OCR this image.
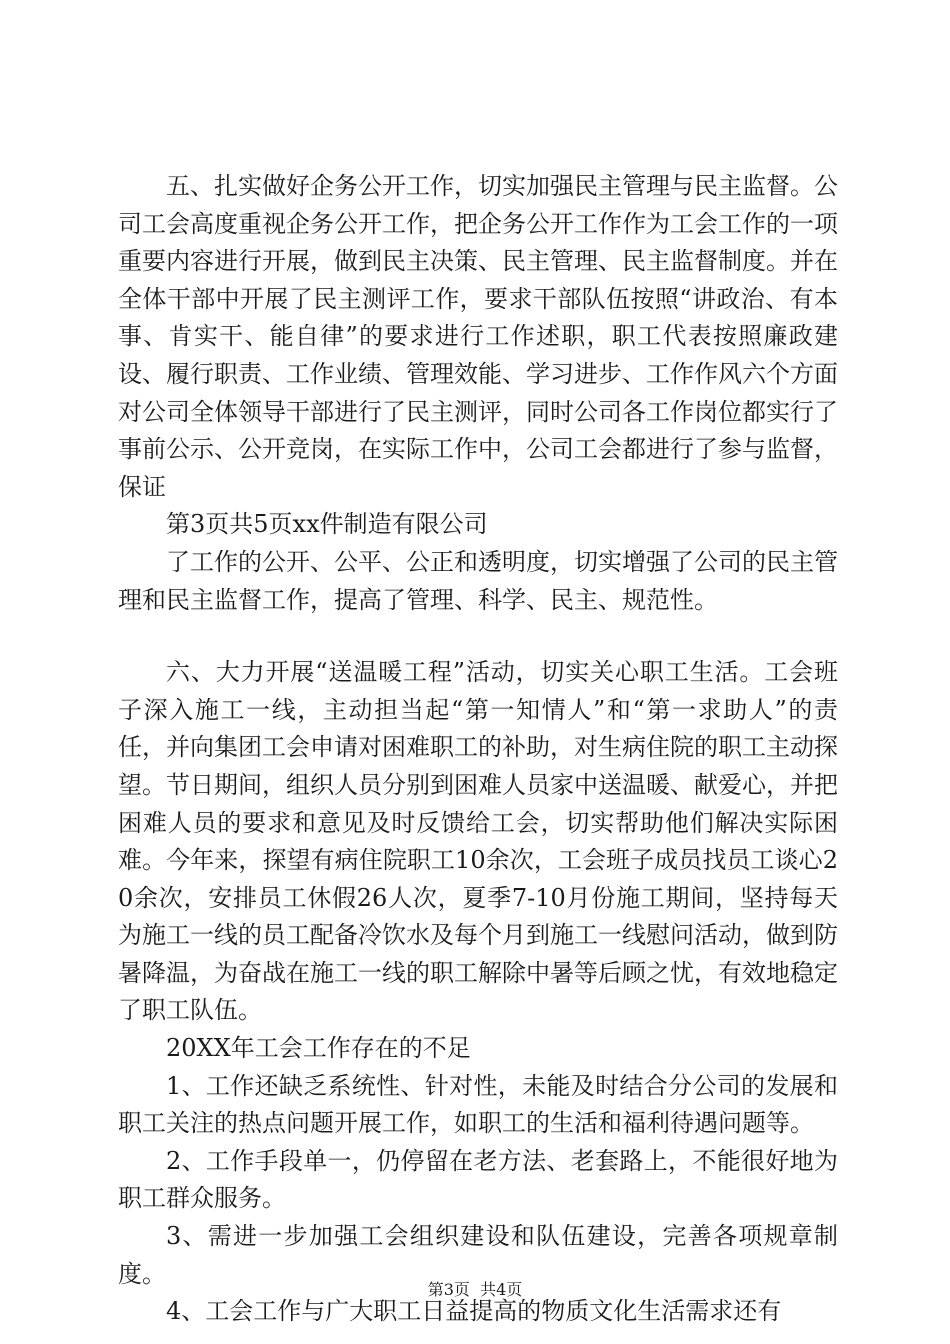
五、扎实做好企务公开工作，切实加强民主管理与民主监督。公司工会高度重视企务公开工作，把企务公开工作作为工会工作的一项重要内容进行开展，做到民主决策、民主管理、民主监督制度。并在全体干部中开展了民主测评工作，要求干部队伍按照“讲政治、有本事、肯实干、能自律”的要求进行工作述职，职工代表按照廉政建设、履行职责、工作业绩、管理效能、学习进步、工作作风六个方面对公司全体领导干部进行了民主测评，同时公司各工作岗位都实行了事前公示、公开竞岗，在实际工作中，公司工会都进行了参与监督，保证

第3页共5页xx件制造有限公司

了工作的公开、公平、公正和透明度，切实增强了公司的民主管理和民主监督工作，提高了管理、科学、民主、规范性。

六、大力开展“送温暖工程”活动，切实关心职工生活。工会班子深入施工一线，主动担当起“第一知情人”和“第一求助人”的责任，并向集团工会申请对困难职工的补助，对生病住院的职工主动探望。节日期间，组织人员分别到困难人员家中送温暖、献爱心，并把困难人员的要求和意见及时反馈给工会，切实帮助他们解决实际困难。今年来，探望有病住院职工10余次，工会班子成员找员工谈心20余次，安排员工休假26人次，夏季7-10月份施工期间，坚持每天为施工一线的员工配备冷饮水及每个月到施工一线慰问活动，做到防暑降温，为奋战在施工一线的职工解除中暑等后顾之忧，有效地稳定了职工队伍。

20XX年工会工作存在的不足

1、工作还缺乏系统性、针对性，未能及时结合分公司的发展和职工关注的热点问题开展工作，如职工的生活和福利待遇问题等。

2、工作手段单一，仍停留在老方法、老套路上，不能很好地为职工群众服务。

3、需进一步加强工会组织建设和队伍建设，完善各项规章制度。

4、工会工作与广大职工日益提高的物质文化生活需求还有

第3页 共4页
